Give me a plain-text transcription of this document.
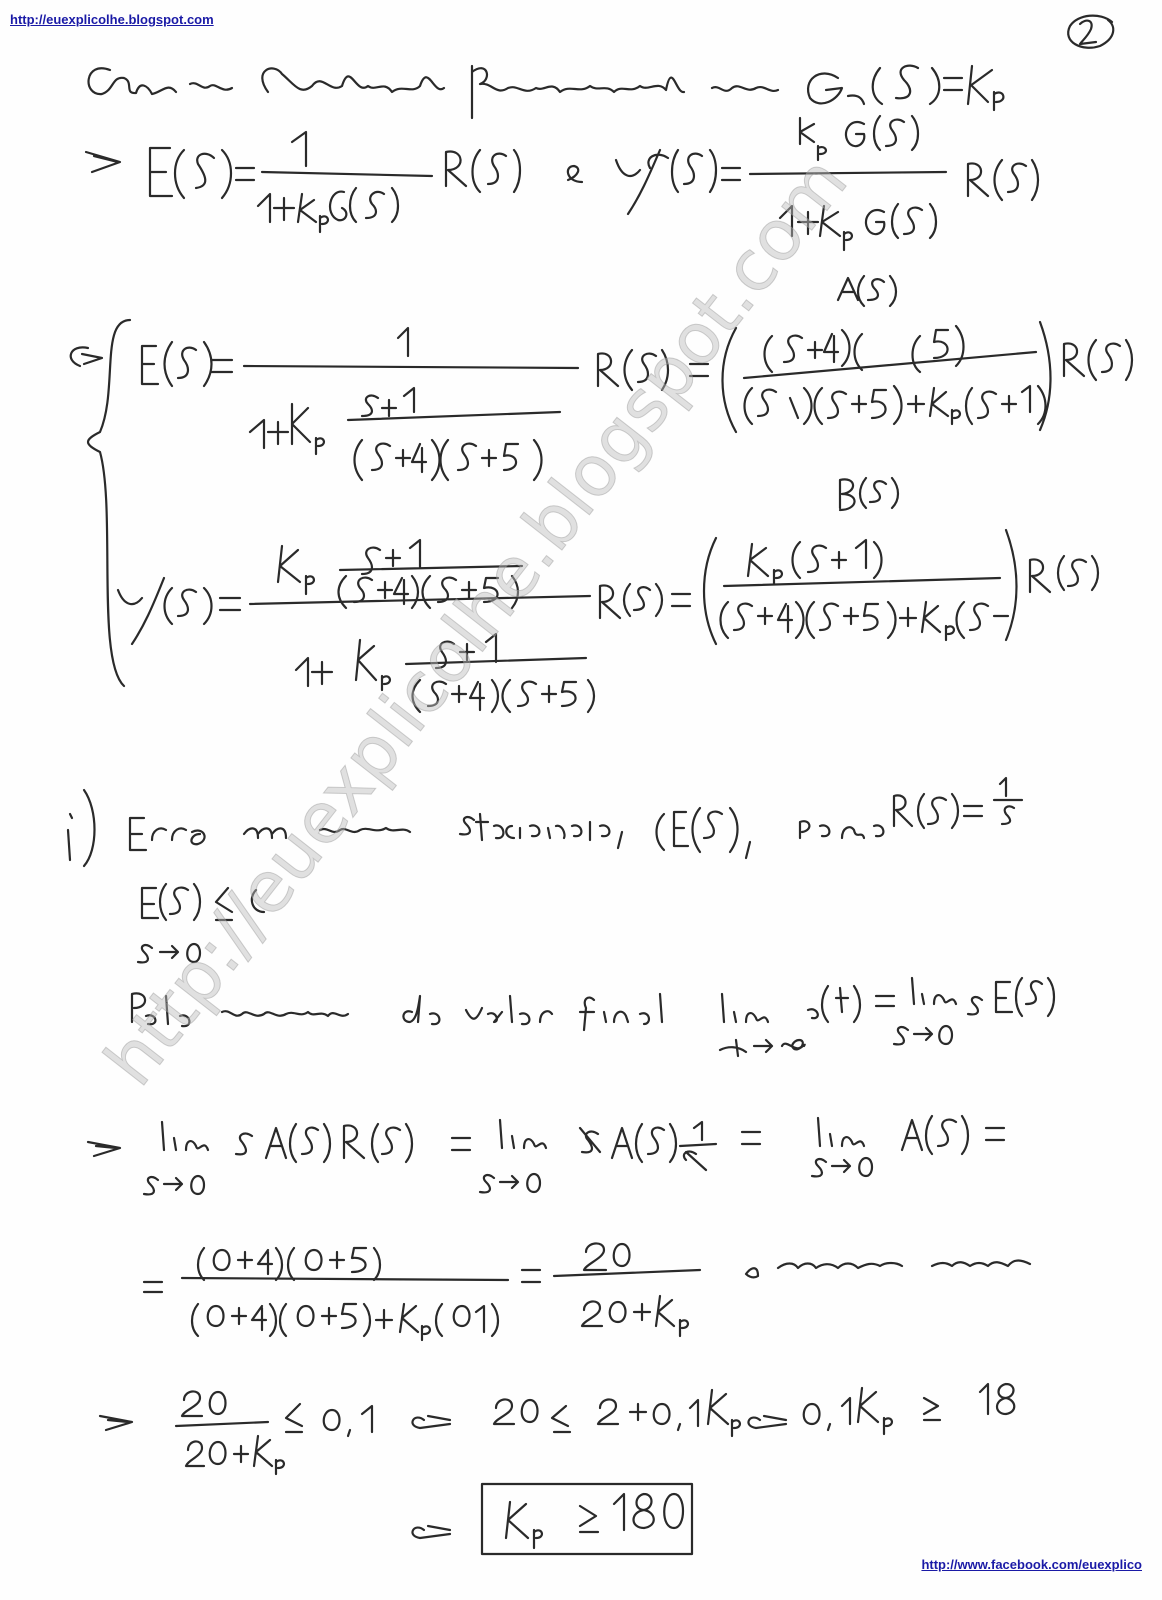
http://euexplicolhe.blogspot.com
http://www.facebook.com/euexplico
http://euexplicolhe.blogspot.com
